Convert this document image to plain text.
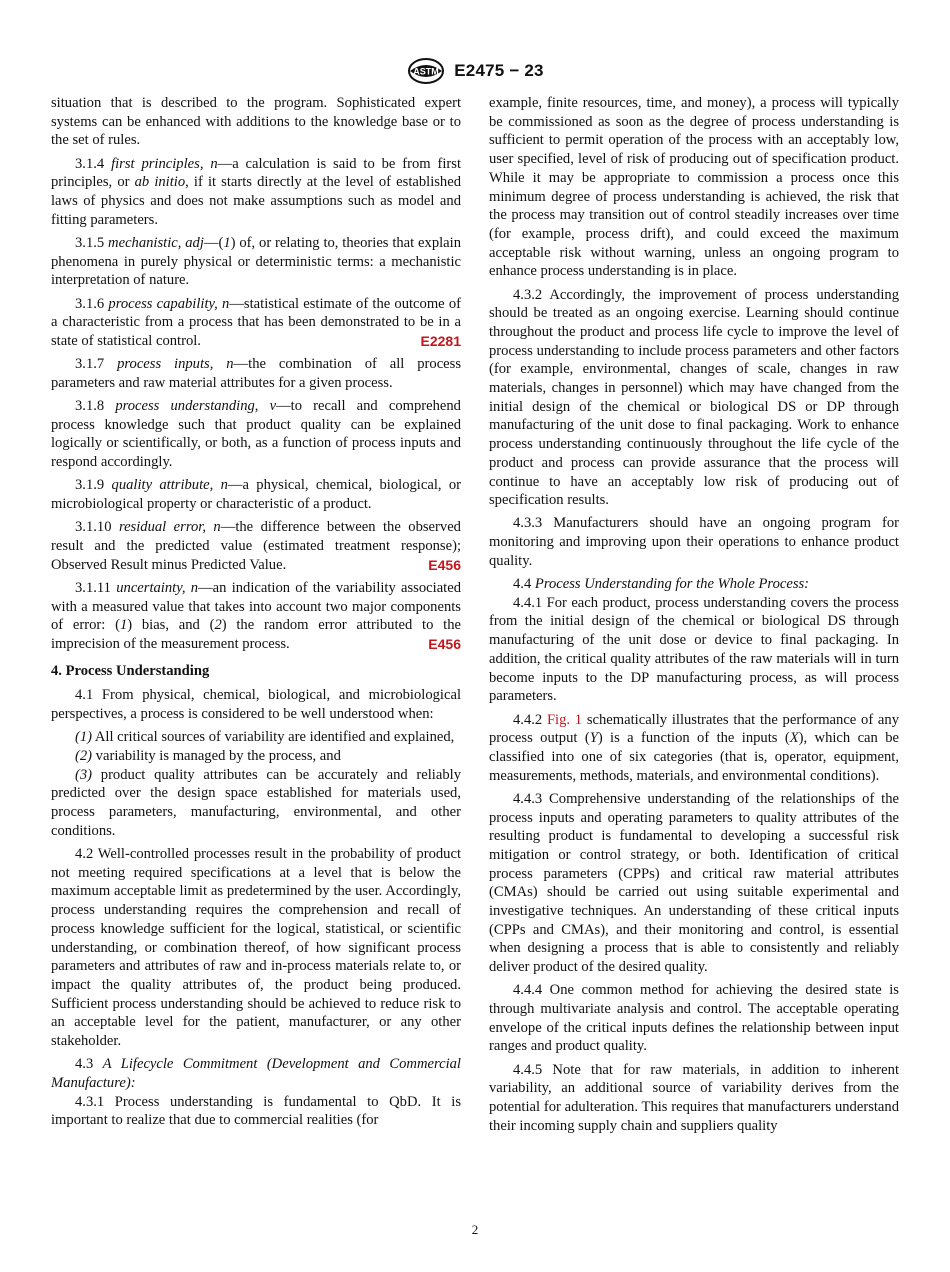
ASTM E2475 − 23

situation that is described to the program. Sophisticated expert systems can be enhanced with additions to the knowledge base or to the set of rules.

3.1.4 first principles, n—a calculation is said to be from first principles, or ab initio, if it starts directly at the level of established laws of physics and does not make assumptions such as model and fitting parameters.

3.1.5 mechanistic, adj—(1) of, or relating to, theories that explain phenomena in purely physical or deterministic terms: a mechanistic interpretation of nature.

3.1.6 process capability, n—statistical estimate of the outcome of a characteristic from a process that has been demonstrated to be in a state of statistical control.	E2281

3.1.7 process inputs, n—the combination of all process parameters and raw material attributes for a given process.

3.1.8 process understanding, v—to recall and comprehend process knowledge such that product quality can be explained logically or scientifically, or both, as a function of process inputs and respond accordingly.

3.1.9 quality attribute, n—a physical, chemical, biological, or microbiological property or characteristic of a product.

3.1.10 residual error, n—the difference between the observed result and the predicted value (estimated treatment response); Observed Result minus Predicted Value.	E456

3.1.11 uncertainty, n—an indication of the variability associated with a measured value that takes into account two major components of error: (1) bias, and (2) the random error attributed to the imprecision of the measurement process.	E456

4. Process Understanding

4.1 From physical, chemical, biological, and microbiological perspectives, a process is considered to be well understood when:

(1) All critical sources of variability are identified and explained,

(2) variability is managed by the process, and

(3) product quality attributes can be accurately and reliably predicted over the design space established for materials used, process parameters, manufacturing, environmental, and other conditions.

4.2 Well-controlled processes result in the probability of product not meeting required specifications at a level that is below the maximum acceptable limit as predetermined by the user. Accordingly, process understanding requires the comprehension and recall of process knowledge sufficient for the logical, statistical, or scientific understanding, or combination thereof, of how significant process parameters and attributes of raw and in-process materials relate to, or impact the quality attributes of, the product being produced. Sufficient process understanding should be achieved to reduce risk to an acceptable level for the patient, manufacturer, or any other stakeholder.

4.3 A Lifecycle Commitment (Development and Commercial Manufacture):

4.3.1 Process understanding is fundamental to QbD. It is important to realize that due to commercial realities (for

example, finite resources, time, and money), a process will typically be commissioned as soon as the degree of process understanding is sufficient to permit operation of the process with an acceptably low, user specified, level of risk of producing out of specification product. While it may be appropriate to commission a process once this minimum degree of process understanding is achieved, the risk that the process may transition out of control steadily increases over time (for example, process drift), and could exceed the maximum acceptable risk without warning, unless an ongoing program to enhance process understanding is in place.

4.3.2 Accordingly, the improvement of process understanding should be treated as an ongoing exercise. Learning should continue throughout the product and process life cycle to improve the level of process understanding to include process parameters and other factors (for example, environmental, changes of scale, changes in raw materials, changes in personnel) which may have changed from the initial design of the chemical or biological DS or DP through manufacturing of the unit dose to final packaging. Work to enhance process understanding continuously throughout the life cycle of the product and process can provide assurance that the process will continue to have an acceptably low risk of producing out of specification results.

4.3.3 Manufacturers should have an ongoing program for monitoring and improving upon their operations to enhance product quality.

4.4 Process Understanding for the Whole Process:

4.4.1 For each product, process understanding covers the process from the initial design of the chemical or biological DS through manufacturing of the unit dose or device to final packaging. In addition, the critical quality attributes of the raw materials will in turn become inputs to the DP manufacturing process, as will process parameters.

4.4.2 Fig. 1 schematically illustrates that the performance of any process output (Y) is a function of the inputs (X), which can be classified into one of six categories (that is, operator, equipment, measurements, methods, materials, and environmental conditions).

4.4.3 Comprehensive understanding of the relationships of the process inputs and operating parameters to quality attributes of the resulting product is fundamental to developing a successful risk mitigation or control strategy, or both. Identification of critical process parameters (CPPs) and critical raw material attributes (CMAs) should be carried out using suitable experimental and investigative techniques. An understanding of these critical inputs (CPPs and CMAs), and their monitoring and control, is essential when designing a process that is able to consistently and reliably deliver product of the desired quality.

4.4.4 One common method for achieving the desired state is through multivariate analysis and control. The acceptable operating envelope of the critical inputs defines the relationship between input ranges and product quality.

4.4.5 Note that for raw materials, in addition to inherent variability, an additional source of variability derives from the potential for adulteration. This requires that manufacturers understand their incoming supply chain and suppliers quality

2
